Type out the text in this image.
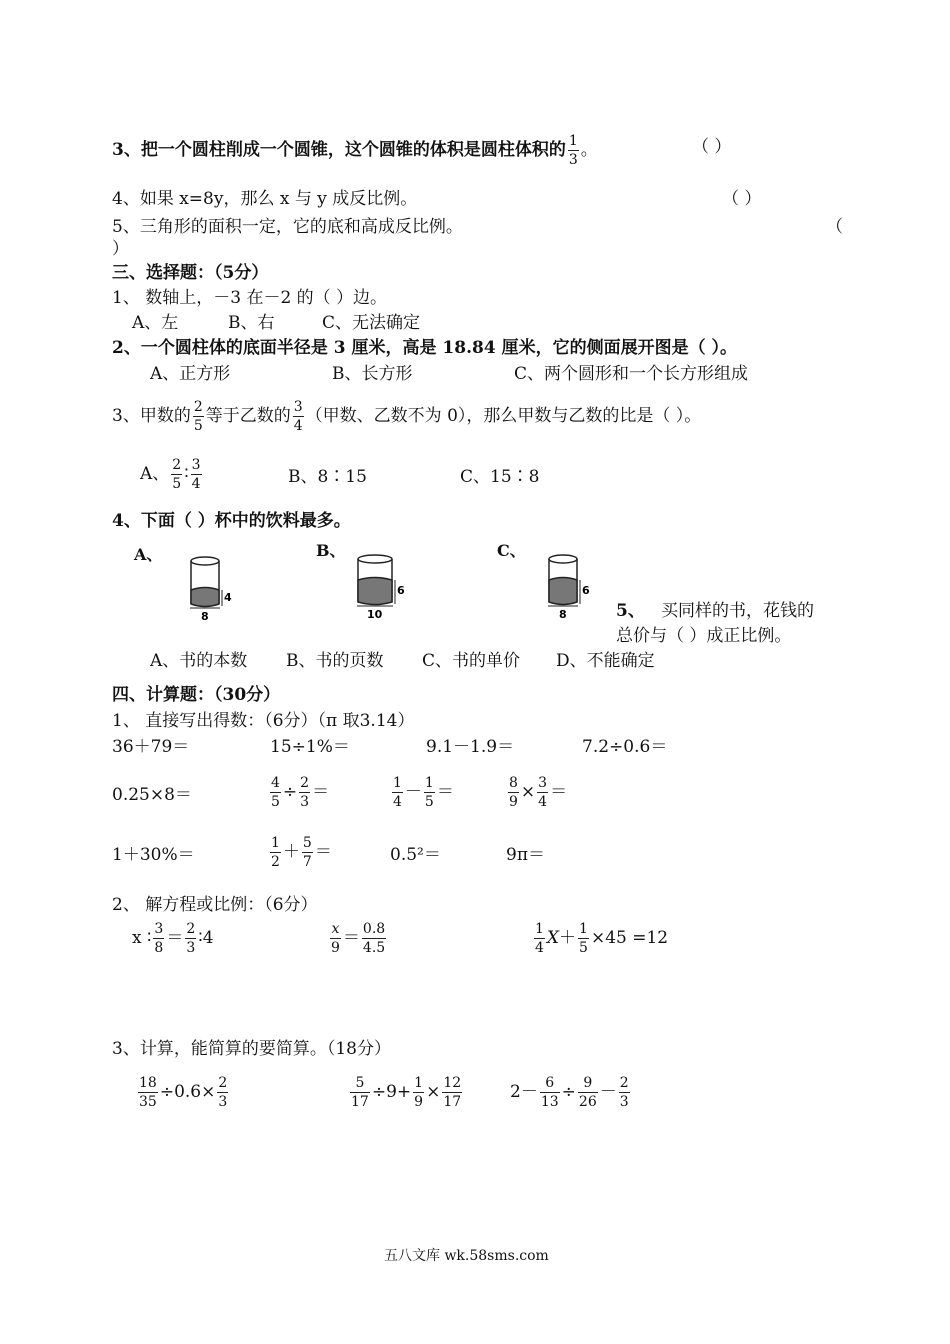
3、把一个圆柱削成一个圆锥，这个圆锥的体积是圆柱体积的 $\frac{1}{3}$ 。	（ ）
4、如果 x=8y，那么 x 与 y 成反比例。	（ ）
5、三角形的面积一定，它的底和高成反比例。	（
）
三、选择题：（5分）
1、 数轴上，－3 在－2 的（ ）边。
A、左	B、右	C、无法确定
2、一个圆柱体的底面半径是 3 厘米，高是 18.84 厘米，它的侧面展开图是（ ）。
A、正方形	B、长方形	C、两个圆形和一个长方形组成
3、甲数的 $\frac{2}{5}$ 等于乙数的 $\frac{3}{4}$ （甲数、乙数不为 0），那么甲数与乙数的比是（ ）。
A、 $\frac{2}{5}$ ∶ $\frac{3}{4}$	B、8∶15	C、15∶8
4、下面（ ）杯中的饮料最多。
A、	B、	C、
4
8
6
10
6
8	5、 买同样的书，花钱的
总价与（ ）成正比例。
A、书的本数 B、书的页数 C、书的单价 D、不能确定
四、计算题：（30分）
1、 直接写出得数：（6分）（π 取3.14）
36＋79＝	15÷1%＝	9.1－1.9＝	7.2÷0.6＝
0.25×8＝	$\frac{4}{5} \div \frac{2}{3}$ ＝	$\frac{1}{4} - \frac{1}{5}$ ＝	$\frac{8}{9} \times \frac{3}{4}$ ＝
1＋30%＝	$\frac{1}{2} + \frac{5}{7}$ ＝	0.5²＝	9π＝
2、 解方程或比例：（6分）
x ∶ $\frac{3}{8} = \frac{2}{3}$ ∶4	$\frac{x}{9} = \frac{0.8}{4.5}$	$\frac{1}{4} X+ \frac{1}{5} \times 45 =12$
3、计算，能简算的要简算。（18分）
$\frac{18}{35} \div 0.6\times \frac{2}{3}$	$\frac{5}{17} \div 9+ \frac{1}{9} \times \frac{12}{17}$	$2- \frac{6}{13} \div \frac{9}{26} - \frac{2}{3}$
五八文库 wk.58sms.com
